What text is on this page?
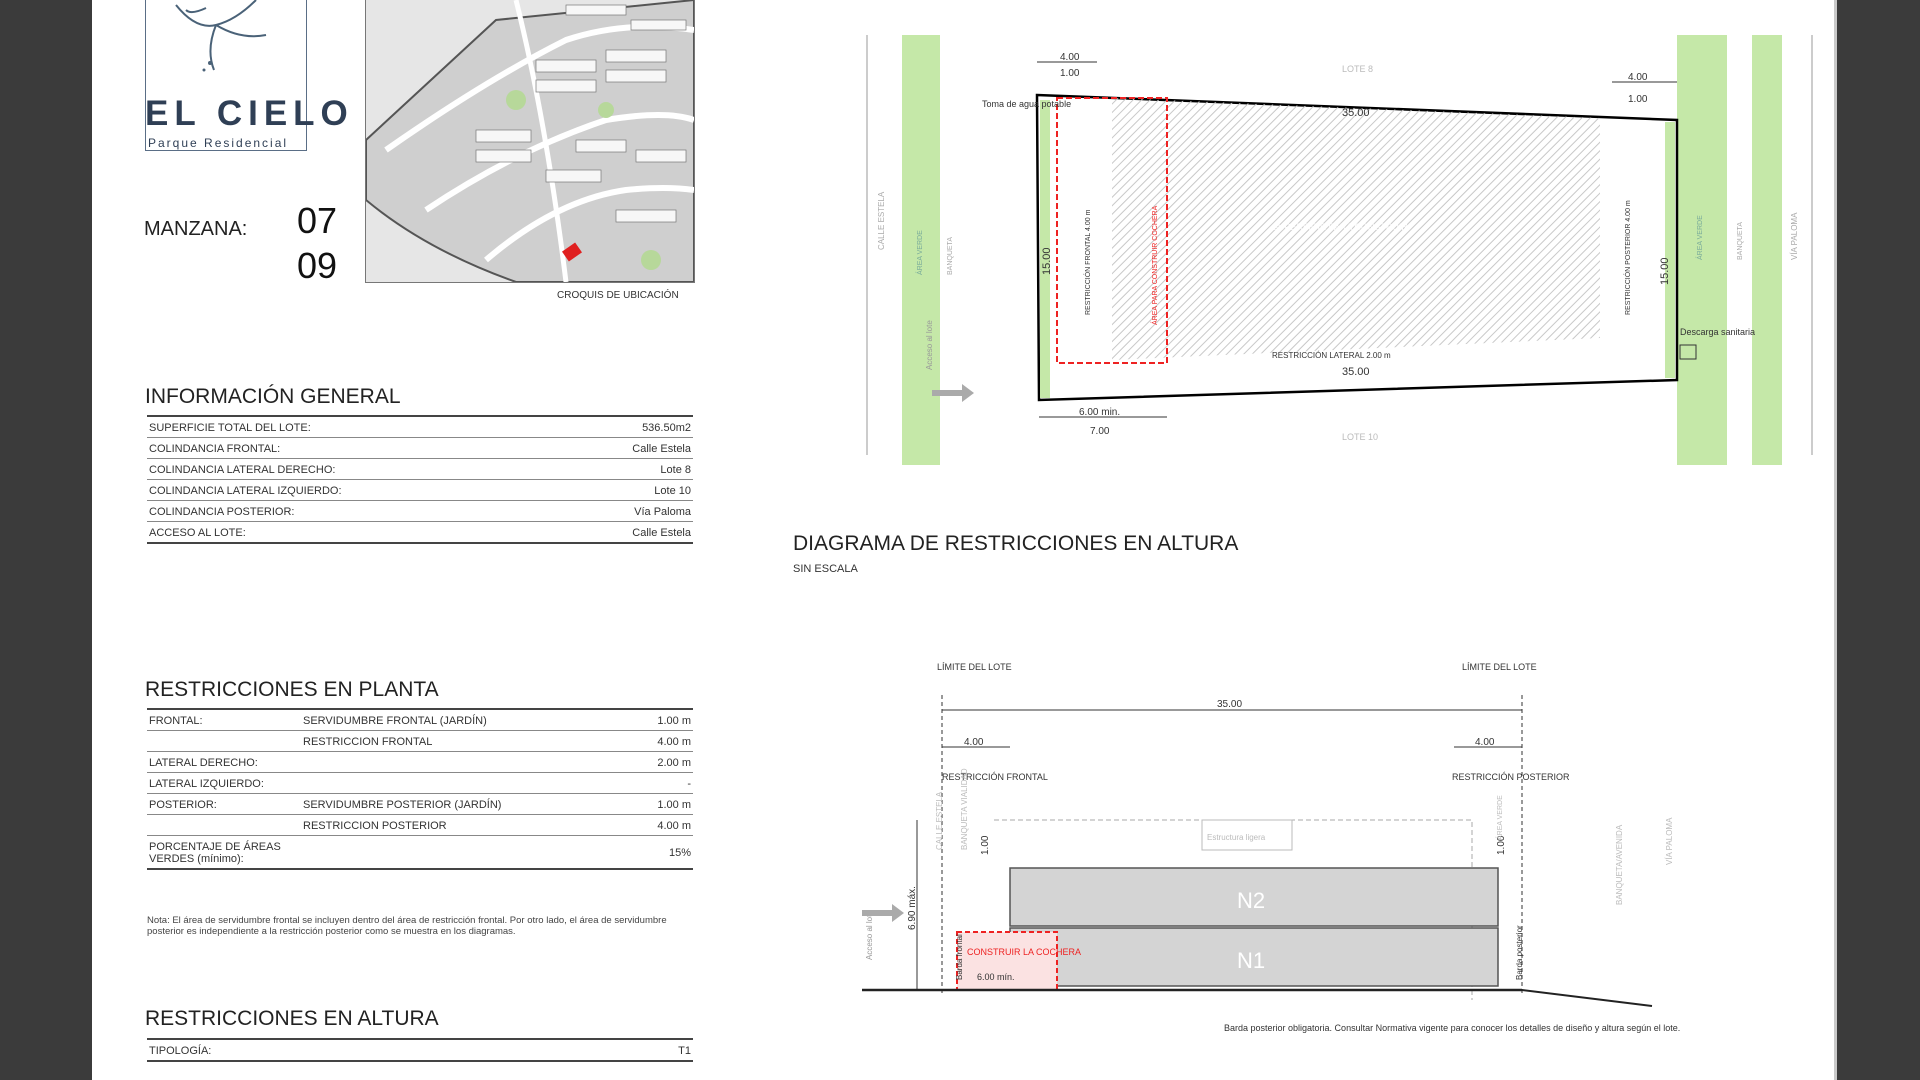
EL CIELO
Parque Residencial
MANZANA: 07
09
CROQUIS DE UBICACIÓN
INFORMACIÓN GENERAL
SUPERFICIE TOTAL DEL LOTE:	536.50m2
COLINDANCIA FRONTAL:	Calle Estela
COLINDANCIA LATERAL DERECHO:	Lote 8
COLINDANCIA LATERAL IZQUIERDO:	Lote 10
COLINDANCIA POSTERIOR:	Vía Paloma
ACCESO AL LOTE:	Calle Estela
RESTRICCIONES EN PLANTA
FRONTAL:	SERVIDUMBRE FRONTAL (JARDÍN)	1.00 m
	RESTRICCION FRONTAL	4.00 m
LATERAL DERECHO:		2.00 m
LATERAL IZQUIERDO:		-
POSTERIOR:	SERVIDUMBRE POSTERIOR (JARDÍN)	1.00 m
	RESTRICCION POSTERIOR	4.00 m
PORCENTAJE DE ÁREAS VERDES (mínimo):		15%
Nota: El área de servidumbre frontal se incluyen dentro del área de restricción frontal. Por otro lado, el área de servidumbre posterior es independiente a la restricción posterior como se muestra en los diagramas.
RESTRICCIONES EN ALTURA
TIPOLOGÍA:	T1
CALLE ESTELA
ÁREA VERDE	BANQUETA	ÁREA VERDE	BANQUETA	VÍA PALOMA
LOTE 8
LOTE 10
35.00
35.00
15.00	15.00
RESTRICCIÓN FRONTAL 4.00 m	ÁREA PARA CONSTRUIR COCHERA	SUPERFICIE PARA CONSTRUIR	RESTRICCIÓN POSTERIOR 4.00 m
RESTRICCIÓN LATERAL 2.00 m
Toma de agua potable
Descarga sanitaria
Acceso al lote
4.00
1.00	4.00
1.00
6.00 min.
7.00
DIAGRAMA DE RESTRICCIONES EN ALTURA
SIN ESCALA
LÍMITE DEL LOTE	LÍMITE DEL LOTE
35.00
4.00	4.00
RESTRICCIÓN FRONTAL	RESTRICCIÓN POSTERIOR
BANQUETA VIALIDAD
CALLE ESTELA	Estructura ligera
N2
N1
CONSTRUIR LA COCHERA
6.00 mín.
6.90 máx.
1.00	1.00
Barda frontal	Barda posterior
ÁREA VERDE
BANQUETA/AVENIDA	VÍA PALOMA
Acceso al lote
Barda posterior obligatoria. Consultar Normativa vigente para conocer los detalles de diseño y altura según el lote.
